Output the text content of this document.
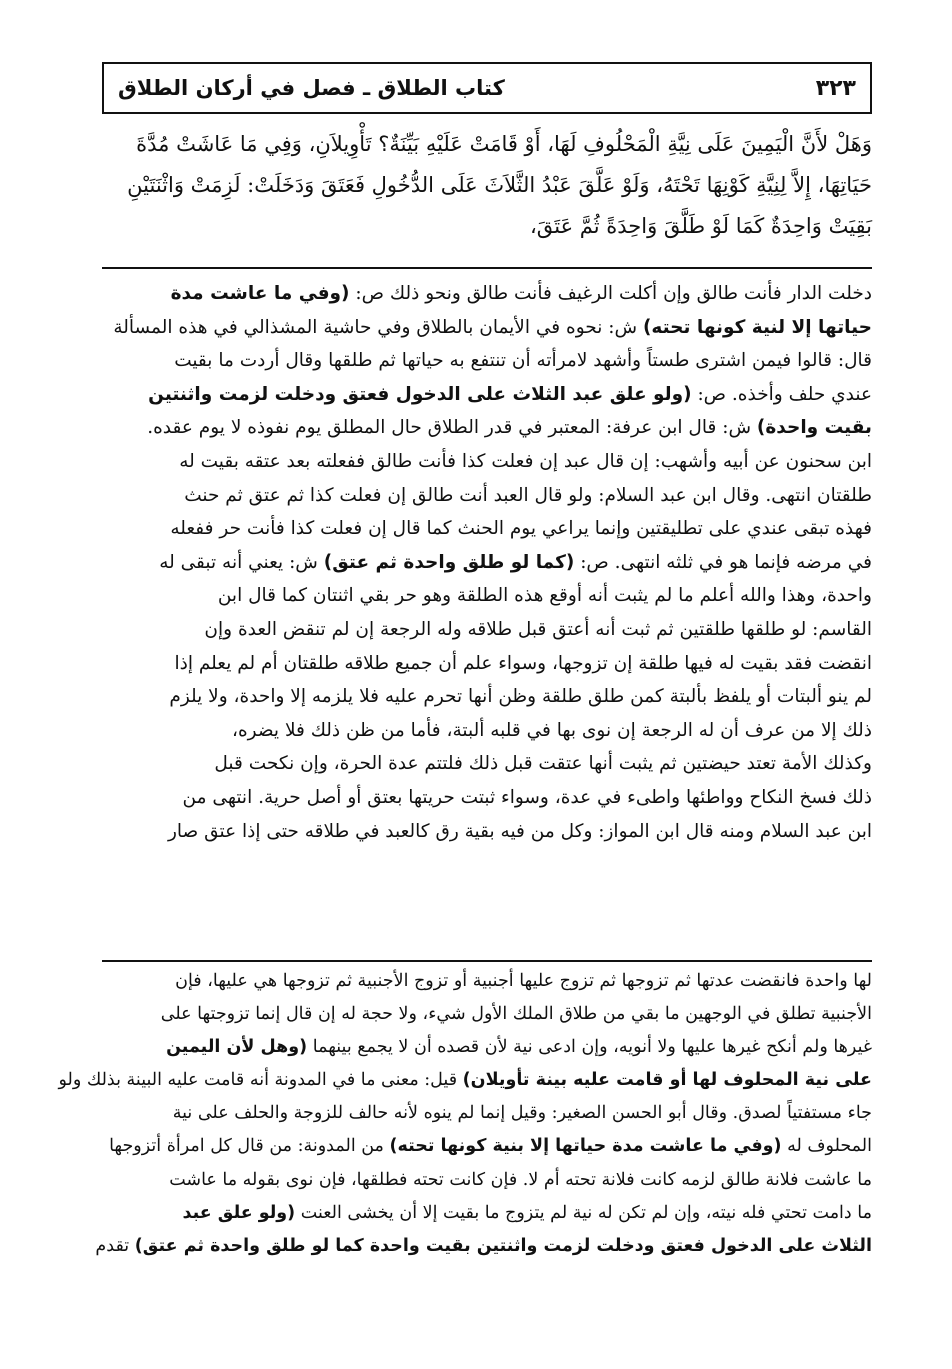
كتاب الطلاق ـ فصل في أركان الطلاق	٣٢٣
وَهَلْ لأَنَّ الْيَمِينَ عَلَى نِيَّةِ الْمَحْلُوفِ لَهَا، أَوْ قَامَتْ عَلَيْهِ بَيِّنَةٌ؟ تَأْوِيلاَنِ، وَفِي مَا عَاشَتْ مُدَّةَ
حَيَاتِهَا، إِلاَّ لِنِيَّةِ كَوْنِهَا تَحْتَهُ، وَلَوْ عَلَّقَ عَبْدُ الثَّلاَثَ عَلَى الدُّخُولِ فَعَتَقَ وَدَخَلَتْ: لَزِمَتْ وَاثْنَتَيْنِ
بَقِيَتْ وَاحِدَةٌ كَمَا لَوْ طَلَّقَ وَاحِدَةً ثُمَّ عَتَقَ،
دخلت الدار فأنت طالق وإن أكلت الرغيف فأنت طالق ونحو ذلك ص: (وفي ما عاشت مدة
حياتها إلا لنية كونها تحته) ش: نحوه في الأيمان بالطلاق وفي حاشية المشذالي في هذه المسألة
قال: قالوا فيمن اشترى طستاً وأشهد لامرأته أن تنتفع به حياتها ثم طلقها وقال أردت ما بقيت
عندي حلف وأخذه. ص: (ولو علق عبد الثلاث على الدخول فعتق ودخلت لزمت واثنتين
بقيت واحدة) ش: قال ابن عرفة: المعتبر في قدر الطلاق حال المطلق يوم نفوذه لا يوم عقده.
ابن سحنون عن أبيه وأشهب: إن قال عبد إن فعلت كذا فأنت طالق ففعلته بعد عتقه بقيت له
طلقتان انتهى. وقال ابن عبد السلام: ولو قال العبد أنت طالق إن فعلت كذا ثم عتق ثم حنث
فهذه تبقى عندي على تطليقتين وإنما يراعي يوم الحنث كما قال إن فعلت كذا فأنت حر ففعله
في مرضه فإنما هو في ثلثه انتهى. ص: (كما لو طلق واحدة ثم عتق) ش: يعني أنه تبقى له
واحدة، وهذا والله أعلم ما لم يثبت أنه أوقع هذه الطلقة وهو حر بقي اثنتان كما قال ابن
القاسم: لو طلقها طلقتين ثم ثبت أنه أعتق قبل طلاقه وله الرجعة إن لم تنقض العدة وإن
انقضت فقد بقيت له فيها طلقة إن تزوجها، وسواء علم أن جميع طلاقه طلقتان أم لم يعلم إذا
لم ينو ألبتات أو يلفظ بألبتة كمن طلق طلقة وظن أنها تحرم عليه فلا يلزمه إلا واحدة، ولا يلزم
ذلك إلا من عرف أن له الرجعة إن نوى بها في قلبه ألبتة، فأما من ظن ذلك فلا يضره،
وكذلك الأمة تعتد حيضتين ثم يثبت أنها عتقت قبل ذلك فلتتم عدة الحرة، وإن نكحت قبل
ذلك فسخ النكاح وواطئها واطىء في عدة، وسواء ثبتت حريتها بعتق أو أصل حرية. انتهى من
ابن عبد السلام ومنه قال ابن المواز: وكل من فيه بقية رق كالعبد في طلاقه حتى إذا عتق صار
لها واحدة فانقضت عدتها ثم تزوجها ثم تزوج عليها أجنبية أو تزوج الأجنبية ثم تزوجها هي عليها، فإن
الأجنبية تطلق في الوجهين ما بقي من طلاق الملك الأول شيء، ولا حجة له إن قال إنما تزوجتها على
غيرها ولم أنكح غيرها عليها ولا أنويه، وإن ادعى نية لأن قصده أن لا يجمع بينهما (وهل لأن اليمين
على نية المحلوف لها أو قامت عليه بينة تأويلان) قيل: معنى ما في المدونة أنه قامت عليه البينة بذلك ولو
جاء مستفتياً لصدق. وقال أبو الحسن الصغير: وقيل إنما لم ينوه لأنه حالف للزوجة والحلف على نية
المحلوف له (وفي ما عاشت مدة حياتها إلا بنية كونها تحته) من المدونة: من قال كل امرأة أتزوجها
ما عاشت فلانة طالق لزمه كانت فلانة تحته أم لا. فإن كانت تحته فطلقها، فإن نوى بقوله ما عاشت
ما دامت تحتي فله نيته، وإن لم تكن له نية لم يتزوج ما بقيت إلا أن يخشى العنت (ولو علق عبد
الثلاث على الدخول فعتق ودخلت لزمت واثنتين بقيت واحدة كما لو طلق واحدة ثم عتق) تقدم
